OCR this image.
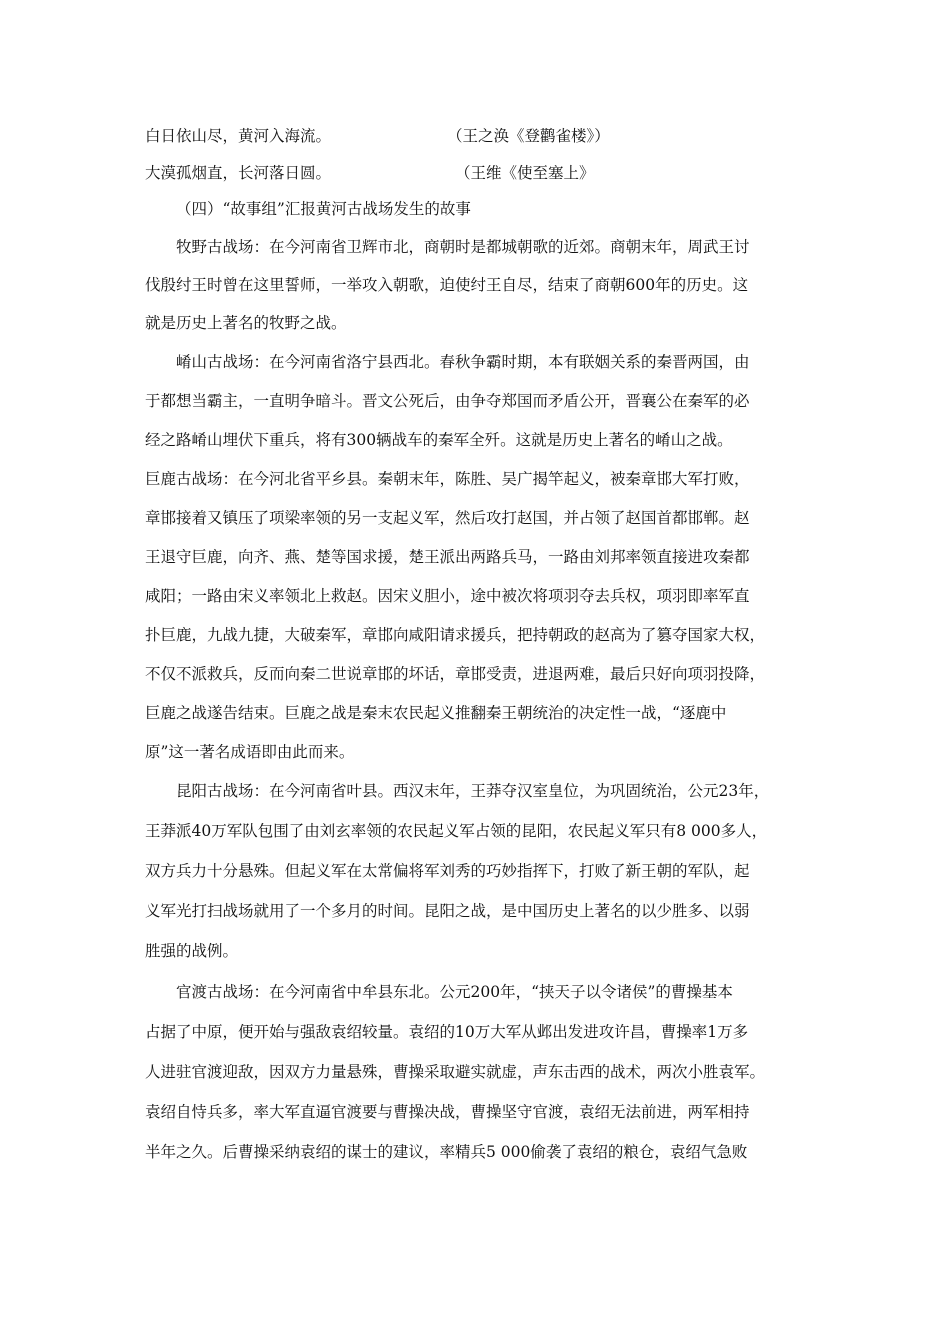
白日依山尽，黄河入海流。	（王之涣《登鹳雀楼》）
大漠孤烟直，长河落日圆。	（王维《使至塞上》
（四）“故事组”汇报黄河古战场发生的故事
牧野古战场：在今河南省卫辉市北，商朝时是都城朝歌的近郊。商朝末年，周武王讨
伐殷纣王时曾在这里誓师，一举攻入朝歌，迫使纣王自尽，结束了商朝600年的历史。这
就是历史上著名的牧野之战。
崤山古战场：在今河南省洛宁县西北。春秋争霸时期，本有联姻关系的秦晋两国，由
于都想当霸主，一直明争暗斗。晋文公死后，由争夺郑国而矛盾公开，晋襄公在秦军的必
经之路崤山埋伏下重兵，将有300辆战车的秦军全歼。这就是历史上著名的崤山之战。
巨鹿古战场：在今河北省平乡县。秦朝末年，陈胜、吴广揭竿起义，被秦章邯大军打败，
章邯接着又镇压了项梁率领的另一支起义军，然后攻打赵国，并占领了赵国首都邯郸。赵
王退守巨鹿，向齐、燕、楚等国求援，楚王派出两路兵马，一路由刘邦率领直接进攻秦都
咸阳；一路由宋义率领北上救赵。因宋义胆小，途中被次将项羽夺去兵权，项羽即率军直
扑巨鹿，九战九捷，大破秦军，章邯向咸阳请求援兵，把持朝政的赵高为了篡夺国家大权，
不仅不派救兵，反而向秦二世说章邯的坏话，章邯受责，进退两难，最后只好向项羽投降，
巨鹿之战遂告结束。巨鹿之战是秦末农民起义推翻秦王朝统治的决定性一战，“逐鹿中
原”这一著名成语即由此而来。
昆阳古战场：在今河南省叶县。西汉末年，王莽夺汉室皇位，为巩固统治，公元23年，
王莽派40万军队包围了由刘玄率领的农民起义军占领的昆阳，农民起义军只有8 000多人，
双方兵力十分悬殊。但起义军在太常偏将军刘秀的巧妙指挥下，打败了新王朝的军队，起
义军光打扫战场就用了一个多月的时间。昆阳之战，是中国历史上著名的以少胜多、以弱
胜强的战例。
官渡古战场：在今河南省中牟县东北。公元200年，“挟天子以令诸侯”的曹操基本
占据了中原，便开始与强敌袁绍较量。袁绍的10万大军从邺出发进攻许昌，曹操率1万多
人进驻官渡迎敌，因双方力量悬殊，曹操采取避实就虚，声东击西的战术，两次小胜袁军。
袁绍自恃兵多，率大军直逼官渡要与曹操决战，曹操坚守官渡，袁绍无法前进，两军相持
半年之久。后曹操采纳袁绍的谋士的建议，率精兵5 000偷袭了袁绍的粮仓，袁绍气急败
